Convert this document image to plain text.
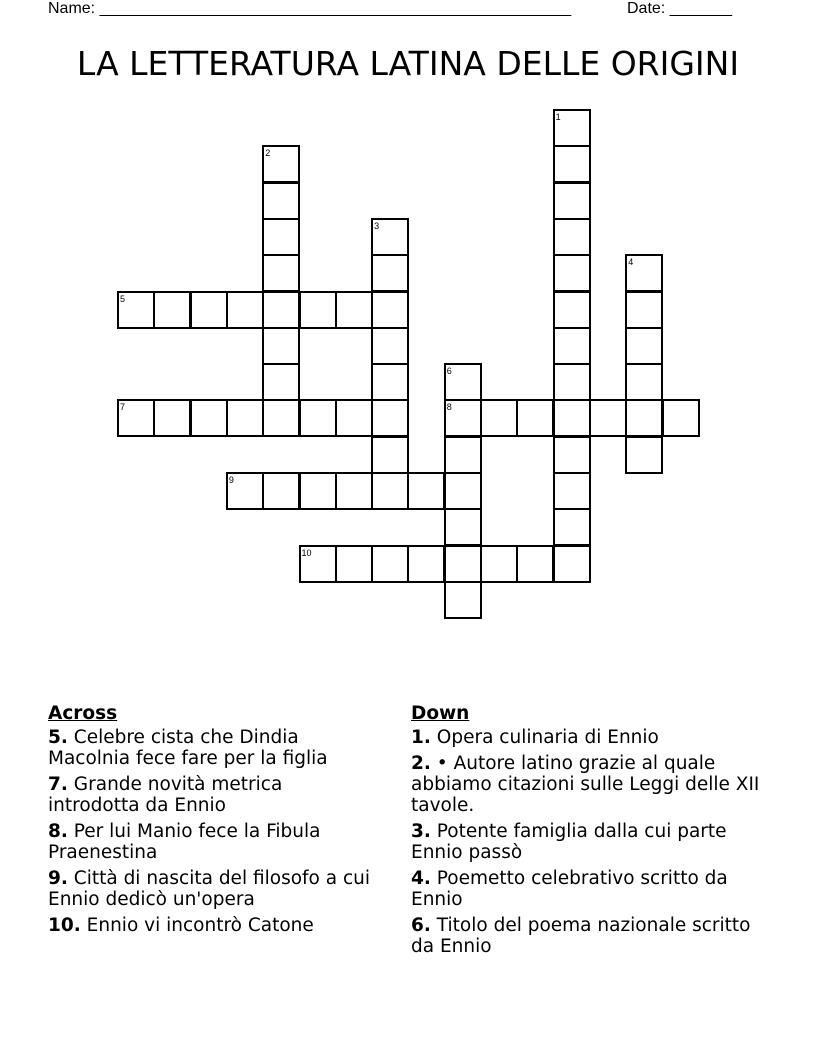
Name: _____________________________________________________	Date: _______
LA LETTERATURA LATINA DELLE ORIGINI
1
2
3
4
5
6
7	8
9
10
Across
5. Celebre cista che Dindia Macolnia fece fare per la figlia
7. Grande novità metrica introdotta da Ennio
8. Per lui Manio fece la Fibula Praenestina
9. Città di nascita del filosofo a cui Ennio dedicò un'opera
10. Ennio vi incontrò Catone
Down
1. Opera culinaria di Ennio
2. • Autore latino grazie al quale abbiamo citazioni sulle Leggi delle XII tavole.
3. Potente famiglia dalla cui parte Ennio passò
4. Poemetto celebrativo scritto da Ennio
6. Titolo del poema nazionale scritto da Ennio
